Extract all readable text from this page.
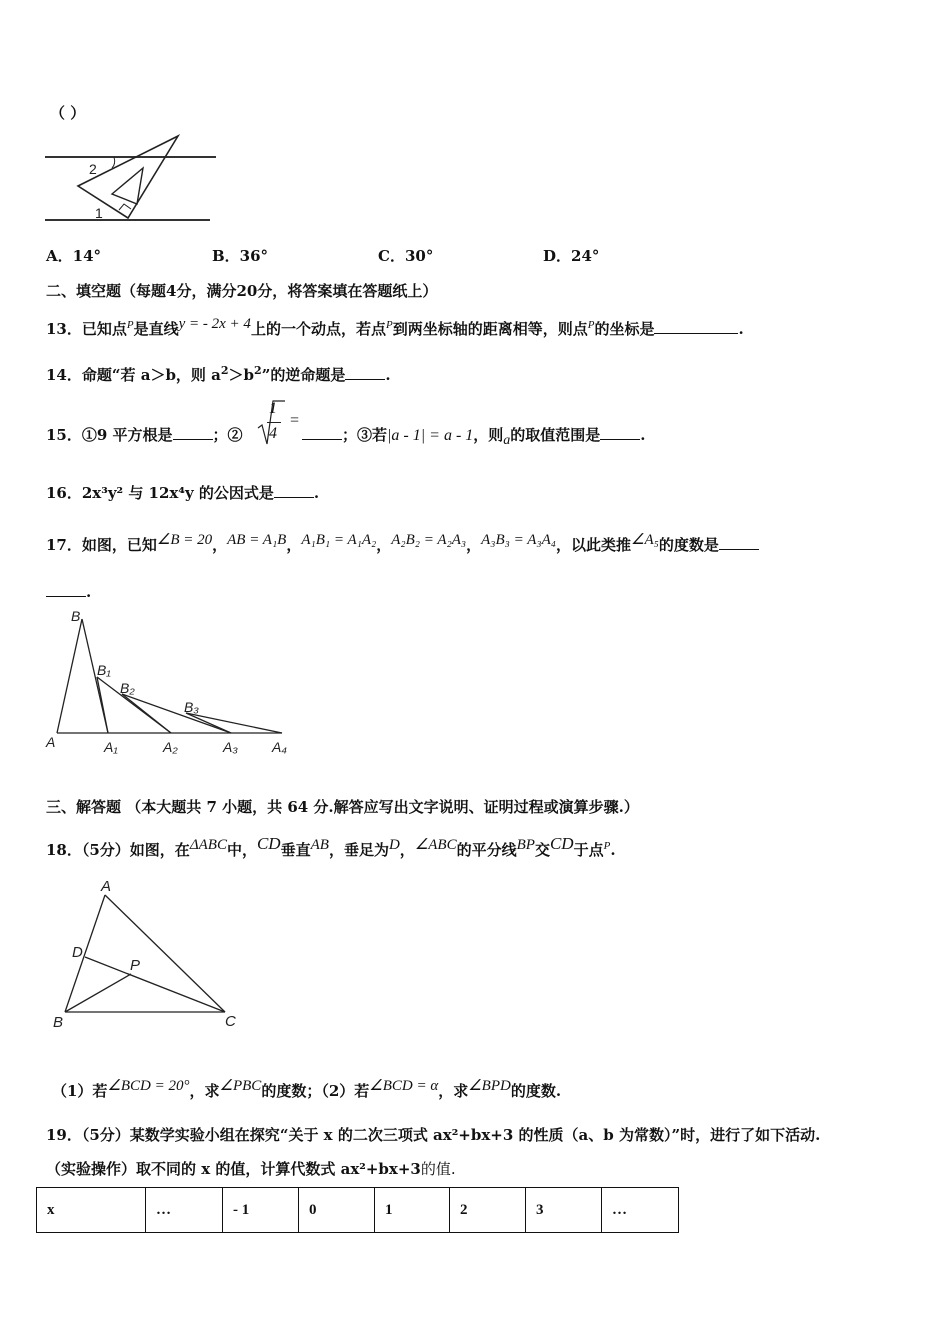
（ ）
2
1
A．14°	B．36°	C．30°	D．24°
二、填空题（每题4分，满分20分，将答案填在答题纸上）
13．已知点$^P$是直线$^{y = - 2x + 4}$上的一个动点，若点$^P$到两坐标轴的距离相等，则点$^P$的坐标是	.
14．命题“若 a＞b，则 $a^2>b^2$”的逆命题是	.
15．①9 平方根是	；②
1
4
=
；③若|a - 1| = a - 1，则$_a$的取值范围是	.
16．2x³y² 与 12x⁴y 的公因式是	.
17．如图，已知$^{\angle B = 20}$，$^{AB = A_1B}$，$^{A_1B_1 = A_1A_2}$，$^{A_2B_2 = A_2A_3}$，$^{A_3B_3 = A_3A_4}$，以此类推$^{\angle A_5}$的度数是
.
B
B₁
B₂
B₃
A	A₁	A₂	A₃ A₄
三、解答题 （本大题共 7 小题，共 64 分.解答应写出文字说明、证明过程或演算步骤.）
18．（5分）如图，在$^{\Delta ABC}$中，$^{CD}$垂直$^{AB}$，垂足为$^D$，$^{\angle ABC}$的平分线$^{BP}$交$^{CD}$于点$^P$.
A
D
P
B	C
（1）若$^{\angle BCD = 20^\circ}$，求$^{\angle PBC}$的度数；（2）若$^{\angle BCD = \alpha}$，求$^{\angle BPD}$的度数.
19．（5分）某数学实验小组在探究“关于 x 的二次三项式 ax²+bx+3 的性质（a、b 为常数）”时，进行了如下活动.
（实验操作）取不同的 x 的值，计算代数式 ax²+bx+3的值.
x	…	- 1	0	1	2	3	…
